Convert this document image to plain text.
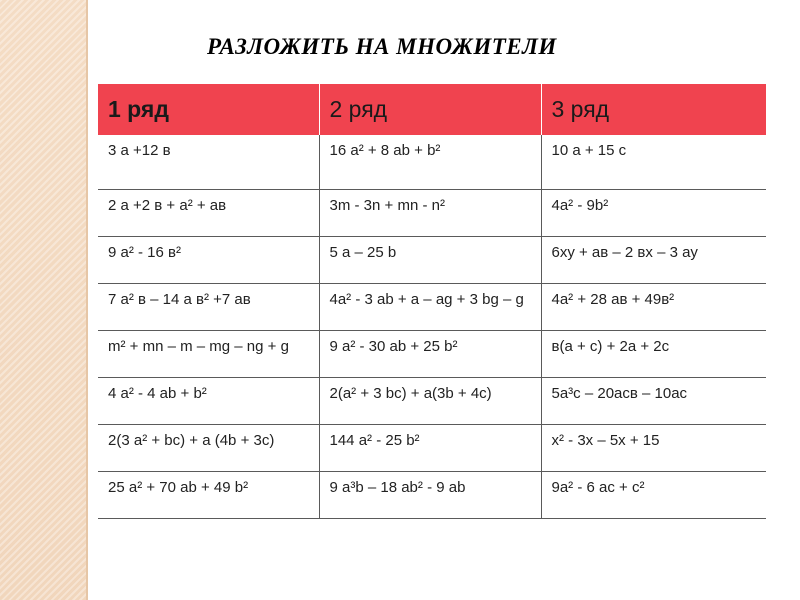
РАЗЛОЖИТЬ НА МНОЖИТЕЛИ
1 ряд	2 ряд	3 ряд
3 а +12 в	16 a² + 8 ab + b²	10 a + 15 c
2 a +2 в + a² + aв	3m - 3n + mn - n²	4a² - 9b²
9 a² - 16 в²	5 a – 25 b	6xy + aв – 2 вx – 3 ay
7 a² в – 14 a в² +7 aв	4a² - 3 ab + a – ag + 3 bg – g	4a² + 28 aв + 49в²
m² + mn – m – mg – ng + g	9 a² - 30 ab + 25 b²	в(a + c) + 2a + 2c
4 a² - 4 ab + b²	2(a² + 3 bc) + a(3b + 4c)	5a³c – 20acв – 10ac
2(3 a² + bc) + a (4b + 3c)	144 a² - 25 b²	x² - 3x – 5x + 15
25 a² + 70 ab + 49 b²	9 a³b – 18 ab² - 9 ab	9a² - 6 ac + c²
